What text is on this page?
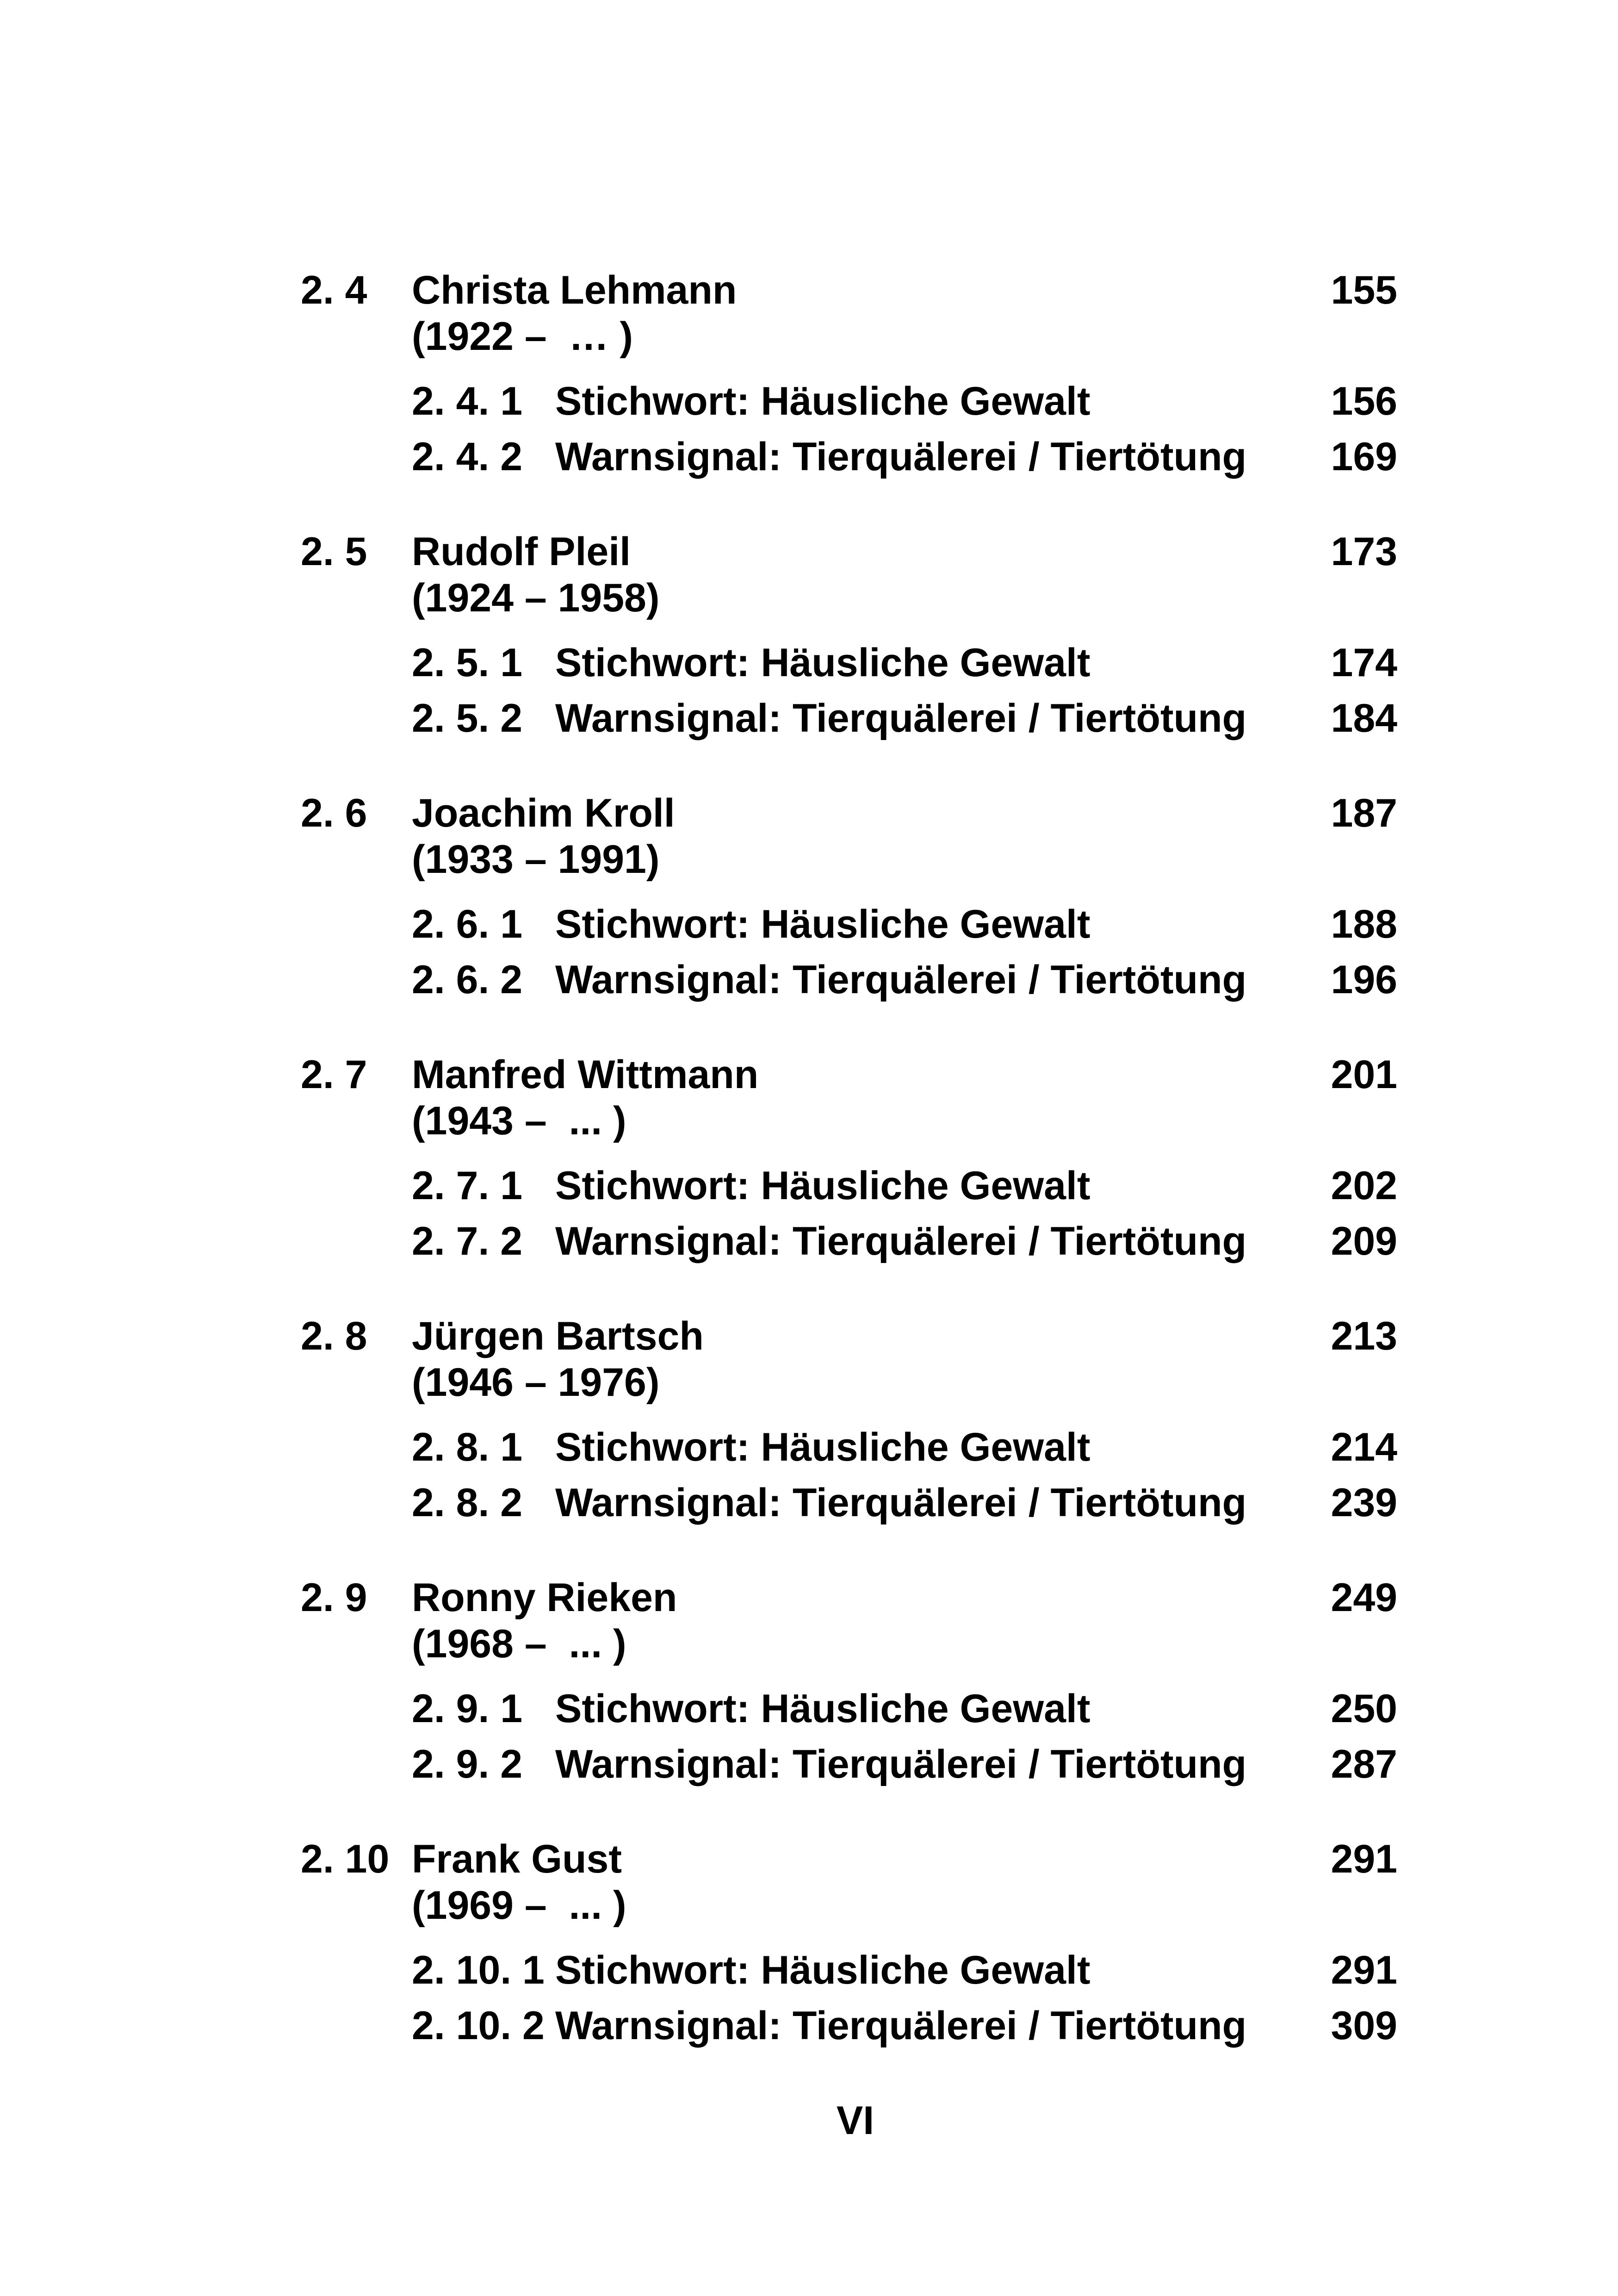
2. 4	Christa Lehmann	155
(1922 –  … )
2. 4. 1 Stichwort: Häusliche Gewalt	156
2. 4. 2 Warnsignal: Tierquälerei / Tiertötung 169
2. 5	Rudolf Pleil	173
(1924 – 1958)
2. 5. 1 Stichwort: Häusliche Gewalt	174
2. 5. 2 Warnsignal: Tierquälerei / Tiertötung 184
2. 6	Joachim Kroll	187
(1933 – 1991)
2. 6. 1 Stichwort: Häusliche Gewalt	188
2. 6. 2 Warnsignal: Tierquälerei / Tiertötung 196
2. 7	Manfred Wittmann	201
(1943 –  ... )
2. 7. 1 Stichwort: Häusliche Gewalt	202
2. 7. 2 Warnsignal: Tierquälerei / Tiertötung 209
2. 8	Jürgen Bartsch	213
(1946 – 1976)
2. 8. 1 Stichwort: Häusliche Gewalt	214
2. 8. 2 Warnsignal: Tierquälerei / Tiertötung 239
2. 9	Ronny Rieken	249
(1968 –  ... )
2. 9. 1 Stichwort: Häusliche Gewalt	250
2. 9. 2 Warnsignal: Tierquälerei / Tiertötung 287
2. 10 Frank Gust	291
(1969 –  ... )
2. 10. 1 Stichwort: Häusliche Gewalt	291
2. 10. 2 Warnsignal: Tierquälerei / Tiertötung 309
VI
